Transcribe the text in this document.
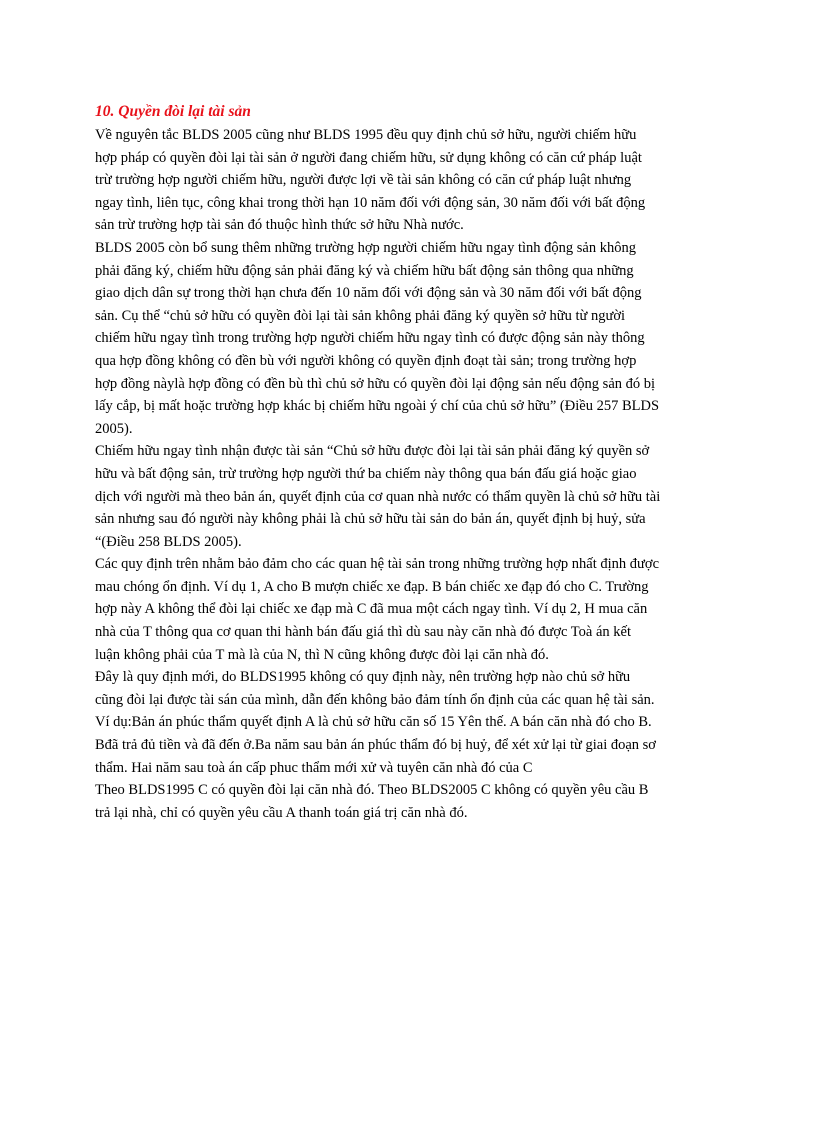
10. Quyền đòi lại tài sản
Về nguyên tắc BLDS 2005 cũng như BLDS 1995 đều quy định chủ sở hữu, người chiếm hữu
hợp pháp có quyền đòi lại tài sản ở người đang chiếm hữu, sử dụng không có căn cứ pháp luật
trừ trường hợp người chiếm hữu, người được lợi về tài sản không có căn cứ pháp luật nhưng
ngay tình, liên tục, công khai trong thời hạn 10 năm đối với động sản, 30 năm đối với bất động
sản trừ trường hợp tài sản đó thuộc hình thức sở hữu Nhà nước.
BLDS 2005 còn bổ sung thêm những trường hợp người chiếm hữu ngay tình động sản không
phải đăng ký, chiếm hữu động sản phải đăng ký và chiếm hữu bất động sản thông qua những
giao dịch dân sự trong thời hạn chưa đến 10 năm đối với động sản và 30 năm đối với bất động
sản. Cụ thể “chủ sở hữu có quyền đòi lại tài sản không phải đăng ký quyền sở hữu từ người
chiếm hữu ngay tình trong trường hợp người chiếm hữu ngay tình có được động sản này thông
qua hợp đồng không có đền bù với người không có quyền định đoạt tài sản; trong trường hợp
hợp đồng nàylà hợp đồng có đền bù thì chủ sở hữu có quyền đòi lại động sản nếu động sản đó bị
lấy cắp, bị mất hoặc trường hợp khác bị chiếm hữu ngoài ý chí của chủ sở hữu” (Điều 257 BLDS
2005).
Chiếm hữu ngay tình nhận được tài sản “Chủ sở hữu được đòi lại tài sản phải đăng ký quyền sở
hữu và bất động sản, trừ trường hợp người thứ ba chiếm này thông qua bán đấu giá hoặc giao
dịch với người mà theo bản án, quyết định của cơ quan nhà nước có thẩm quyền là chủ sở hữu tài
sản nhưng sau đó người này không phải là chủ sở hữu tài sản do bản án, quyết định bị huỷ, sửa
“(Điều 258 BLDS 2005).
Các quy định trên nhằm bảo đảm cho các quan hệ tài sản trong những trường hợp nhất định được
mau chóng ổn định. Ví dụ 1, A cho B mượn chiếc xe đạp. B bán chiếc xe đạp đó cho C. Trường
hợp này A không thể đòi lại chiếc xe đạp mà C đã mua một cách ngay tình. Ví dụ 2, H mua căn
nhà của T thông qua cơ quan thi hành bán đấu giá thì dù sau này căn nhà đó được Toà án kết
luận không phải của T mà là của N, thì N cũng không được đòi lại căn nhà đó.
Đây là quy định mới, do BLDS1995 không có quy định này, nên trường hợp nào chủ sở hữu
cũng đòi lại được tài sán của mình, dẫn đến không bảo đảm tính ổn định của các quan hệ tài sản.
Ví dụ:Bản án phúc thẩm quyết định A là chủ sở hữu căn số 15 Yên thế. A bán căn nhà đó cho B.
Bđã trả đủ tiền và đã đến ở.Ba năm sau bản án phúc thẩm đó bị huỷ, để xét xử lại từ giai đoạn sơ
thẩm. Hai năm sau toà án cấp phuc thẩm mới xử và tuyên căn nhà đó của C
Theo BLDS1995 C có quyền đòi lại căn nhà đó. Theo BLDS2005 C không có quyền yêu cầu B
trả lại nhà, chỉ có quyền yêu cầu A thanh toán giá trị căn nhà đó.
